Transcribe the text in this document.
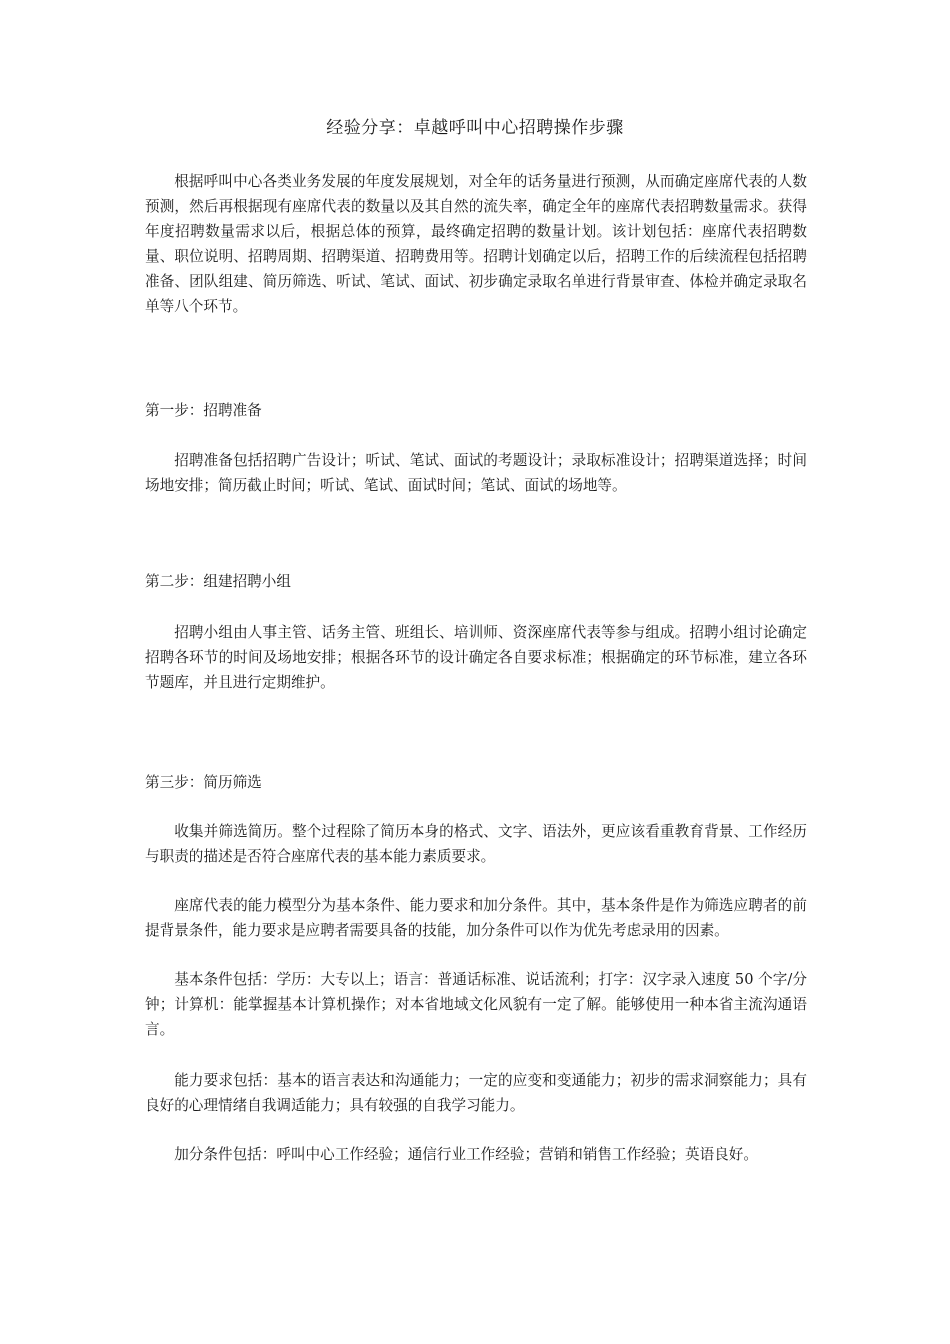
经验分享：卓越呼叫中心招聘操作步骤
根据呼叫中心各类业务发展的年度发展规划，对全年的话务量进行预测，从而确定座席代表的人数预测，然后再根据现有座席代表的数量以及其自然的流失率，确定全年的座席代表招聘数量需求。获得年度招聘数量需求以后，根据总体的预算，最终确定招聘的数量计划。该计划包括：座席代表招聘数量、职位说明、招聘周期、招聘渠道、招聘费用等。招聘计划确定以后，招聘工作的后续流程包括招聘准备、团队组建、简历筛选、听试、笔试、面试、初步确定录取名单进行背景审查、体检并确定录取名单等八个环节。
第一步：招聘准备
招聘准备包括招聘广告设计；听试、笔试、面试的考题设计；录取标准设计；招聘渠道选择；时间场地安排；简历截止时间；听试、笔试、面试时间；笔试、面试的场地等。
第二步：组建招聘小组
招聘小组由人事主管、话务主管、班组长、培训师、资深座席代表等参与组成。招聘小组讨论确定招聘各环节的时间及场地安排；根据各环节的设计确定各自要求标准；根据确定的环节标准，建立各环节题库，并且进行定期维护。
第三步：简历筛选
收集并筛选简历。整个过程除了简历本身的格式、文字、语法外，更应该看重教育背景、工作经历与职责的描述是否符合座席代表的基本能力素质要求。
座席代表的能力模型分为基本条件、能力要求和加分条件。其中，基本条件是作为筛选应聘者的前提背景条件，能力要求是应聘者需要具备的技能，加分条件可以作为优先考虑录用的因素。
基本条件包括：学历：大专以上；语言：普通话标准、说话流利；打字：汉字录入速度 50 个字/分钟；计算机：能掌握基本计算机操作；对本省地域文化风貌有一定了解。能够使用一种本省主流沟通语言。
能力要求包括：基本的语言表达和沟通能力；一定的应变和变通能力；初步的需求洞察能力；具有良好的心理情绪自我调适能力；具有较强的自我学习能力。
加分条件包括：呼叫中心工作经验；通信行业工作经验；营销和销售工作经验；英语良好。
